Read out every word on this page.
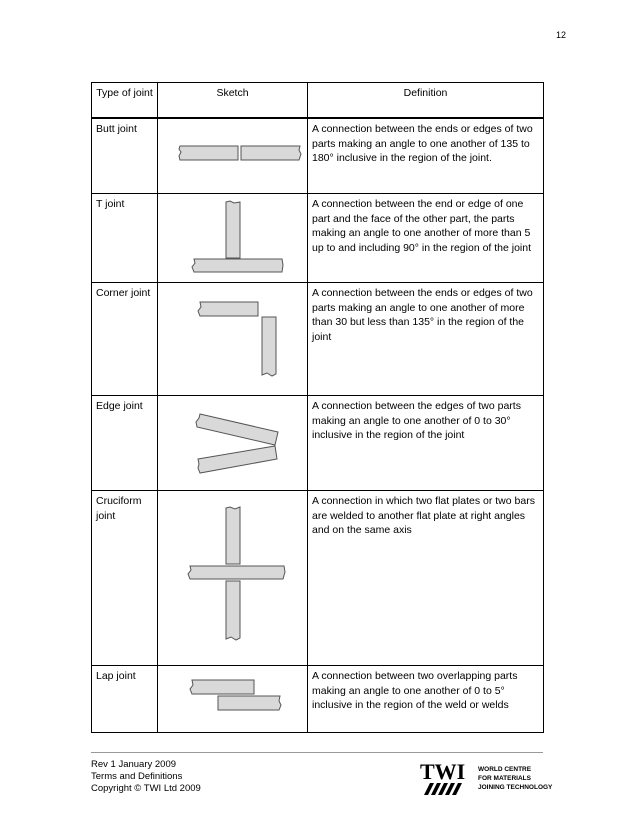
12
Type of joint	Sketch	Definition
Butt joint		A connection between the ends or edges of two parts making an angle to one another of 135 to 180° inclusive in the region of the joint.
T joint		A connection between the end or edge of one part and the face of the other part, the parts making an angle to one another of more than 5 up to and including 90° in the region of the joint
Corner joint		A connection between the ends or edges of two parts making an angle to one another of more than 30 but less than 135° in the region of the joint
Edge joint		A connection between the edges of two parts making an angle to one another of 0 to 30° inclusive in the region of the joint
Cruciform joint		A connection in which two flat plates or two bars are welded to another flat plate at right angles and on the same axis
Lap joint		A connection between two overlapping parts making an angle to one another of 0 to 5° inclusive in the region of the weld or welds
Rev 1 January 2009
Terms and Definitions
Copyright © TWI Ltd 2009
TWI WORLD CENTRE
FOR MATERIALS
JOINING TECHNOLOGY
